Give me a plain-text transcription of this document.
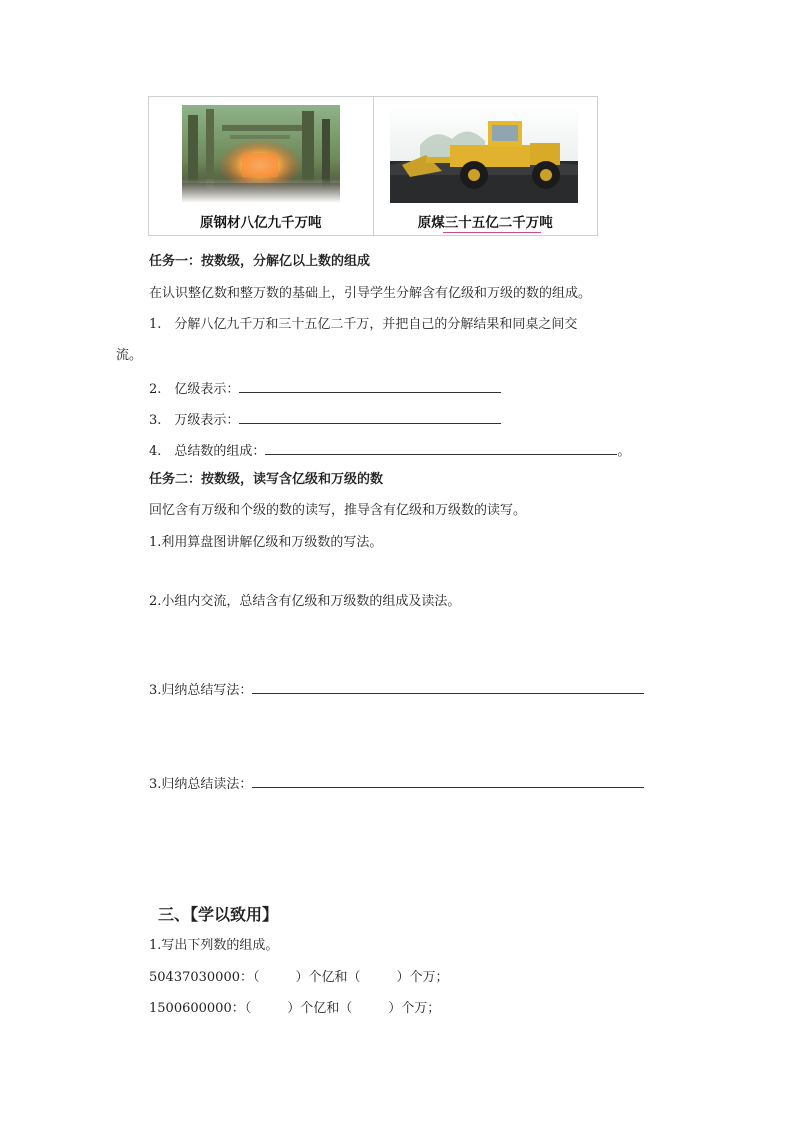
原钢材八亿九千万吨	原煤三十五亿二千万吨
任务一：按数级，分解亿以上数的组成
在认识整亿数和整万数的基础上，引导学生分解含有亿级和万级的数的组成。
1.　分解八亿九千万和三十五亿二千万，并把自己的分解结果和同桌之间交
流。
2.　亿级表示：
3.　万级表示：
4.　总结数的组成：	。
任务二：按数级，读写含亿级和万级的数
回忆含有万级和个级的数的读写，推导含有亿级和万级数的读写。
1.利用算盘图讲解亿级和万级数的写法。
2.小组内交流，总结含有亿级和万级数的组成及读法。
3.归纳总结写法：
3.归纳总结读法：
三、【学以致用】
1.写出下列数的组成。
50437030000：（	）个亿和（	）个万；
1500600000：（	）个亿和（	）个万；
